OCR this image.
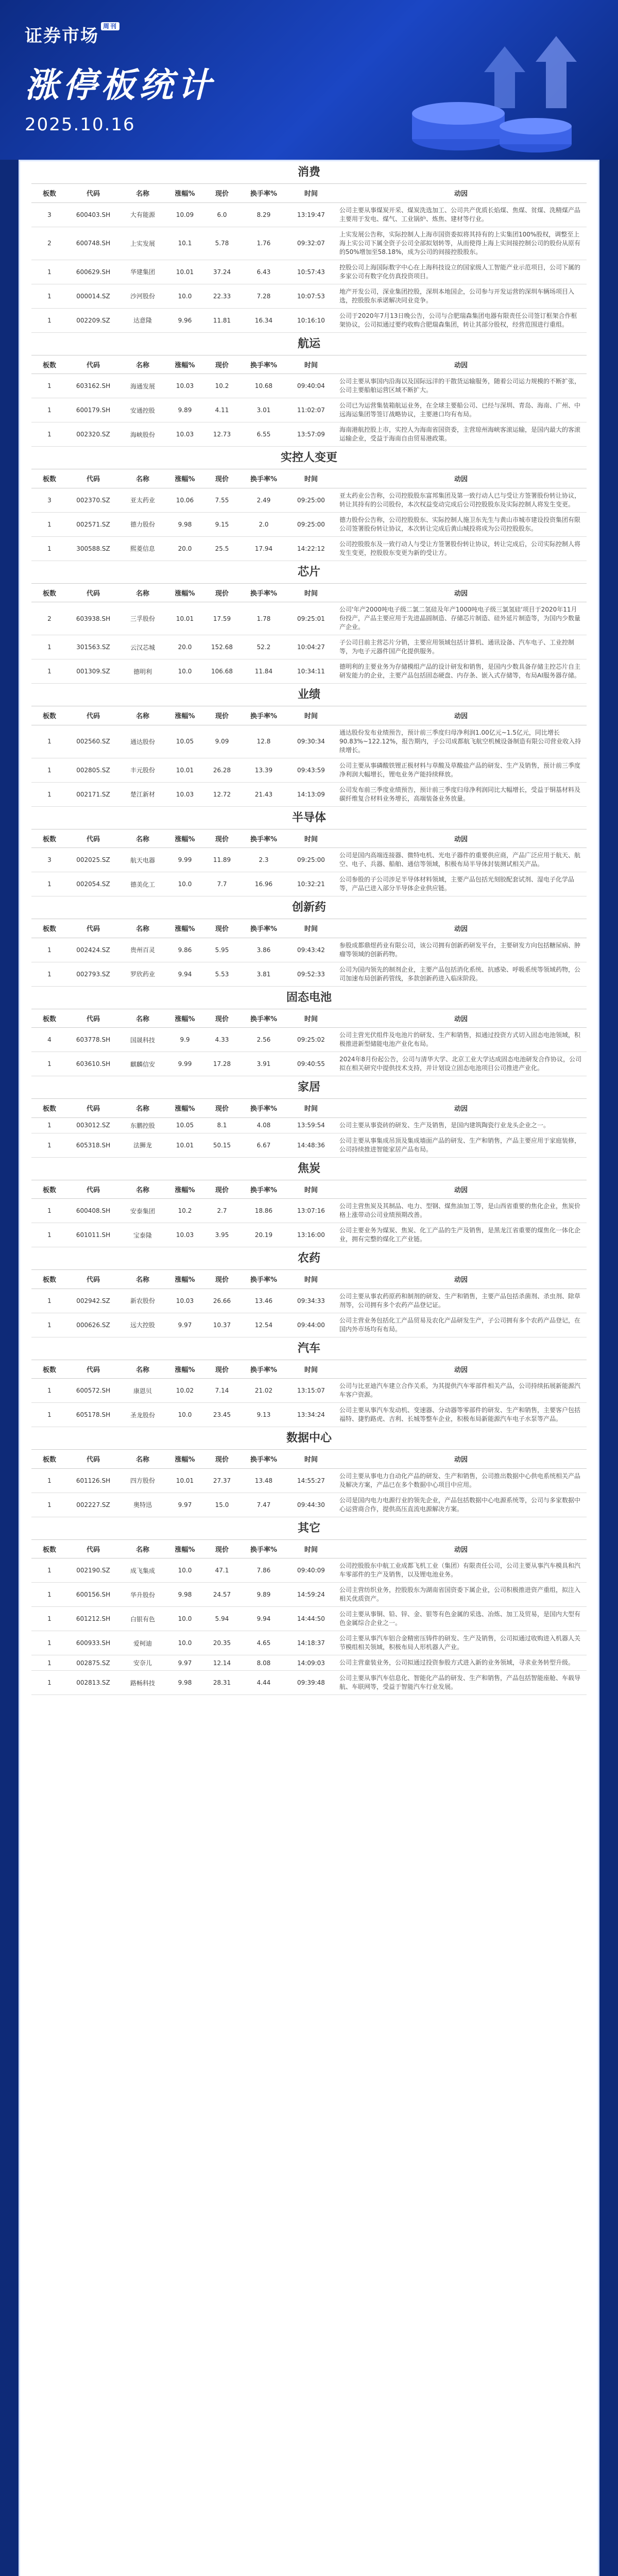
证券市场 $^{周刊}$
涨停板统计
2025.10.16
消费
板数	代码	名称	涨幅%	现价	换手率%	时间	动因
3	600403.SH	大有能源	10.09	6.0	8.29	13:19:47	公司主要从事煤炭开采、煤炭洗选加工、公司共产优质长焰煤、焦煤、贫煤、洗精煤产品主要用于发电、煤气、工业锅炉、炼焦、建材等行业。
2	600748.SH	上实发展	10.1	5.78	1.76	09:32:07	上实发展公告称，实际控制人上海市国资委拟将其持有的上实集团100%股权，调整至上海上实公司下属全资子公司全部拟划转等，从而使得上海上实间接控制公司的股份从原有的50%增加至58.18%，成为公司的间接控股股东。
1	600629.SH	华建集团	10.01	37.24	6.43	10:57:43	控股公司上海国际数字中心在上海科技设立的国家级人工智能产业示范项目，公司下属的多家公司有数字化仿真投资项目。
1	000014.SZ	沙河股份	10.0	22.33	7.28	10:07:53	地产开发公司，深业集团控股，深圳本地国企，公司参与开发运营的深圳车辆场项目入选，控股股东承诺解决同业竞争。
1	002209.SZ	达意隆	9.96	11.81	16.34	10:16:10	公司于2020年7月13日晚公告，公司与合肥瑞森集团电器有限责任公司签订框架合作框架协议，公司拟通过要约收购合肥瑞森集团，转让其部分股权，经营范围进行重组。
航运
板数	代码	名称	涨幅%	现价	换手率%	时间	动因
1	603162.SH	海通发展	10.03	10.2	10.68	09:40:04	公司主要从事国内沿海以及国际远洋的干散货运输服务，随着公司运力规模的不断扩张，公司主要船舶运营区域不断扩大。
1	600179.SH	安通控股	9.89	4.11	3.01	11:02:07	公司已为运营集装箱航运业务，在全球主要船公司、已经与深圳、青岛、海南、广州、中远海运集团等签订战略协议，主要港口均有布局。
1	002320.SZ	海峡股份	10.03	12.73	6.55	13:57:09	海南港航控股上市，实控人为海南省国资委，主营琼州海峡客滚运输，是国内最大的客滚运输企业，受益于海南自由贸易港政策。
实控人变更
板数	代码	名称	涨幅%	现价	换手率%	时间	动因
3	002370.SZ	亚太药业	10.06	7.55	2.49	09:25:00	亚太药业公告称，公司控股股东富邦集团及第一致行动人已与受让方签署股份转让协议，转让其持有的公司股份，本次权益变动完成后公司控股股东及实际控制人将发生变更。
1	002571.SZ	德力股份	9.98	9.15	2.0	09:25:00	德力股份公告称，公司控股股东、实际控制人施卫东先生与黄山市城市建设投资集团有限公司签署股份转让协议，本次转让完成后黄山城投将成为公司控股股东。
1	300588.SZ	熙菱信息	20.0	25.5	17.94	14:22:12	公司控股股东及一致行动人与受让方签署股份转让协议，转让完成后，公司实际控制人将发生变更，控股股东变更为新的受让方。
芯片
板数	代码	名称	涨幅%	现价	换手率%	时间	动因
2	603938.SH	三孚股份	10.01	17.59	1.78	09:25:01	公司'年产2000吨电子级二氯二氢硅及年产1000吨电子级三氯氢硅'项目于2020年11月份投产，产品主要应用于先进晶圆制造、存储芯片制造、硅外延片制造等，为国内少数量产企业。
1	301563.SZ	云汉芯城	20.0	152.68	52.2	10:04:27	子公司目前主营芯片分销，主要应用领域包括计算机、通讯设备、汽车电子、工业控制等，为电子元器件国产化提供服务。
1	001309.SZ	德明利	10.0	106.68	11.84	10:34:11	德明利的主要业务为存储模组产品的设计研发和销售，是国内少数具备存储主控芯片自主研发能力的企业，主要产品包括固态硬盘、内存条、嵌入式存储等，布局AI服务器存储。
业绩
板数	代码	名称	涨幅%	现价	换手率%	时间	动因
1	002560.SZ	通达股份	10.05	9.09	12.8	09:30:34	通达股份发布业绩预告，预计前三季度归母净利润1.00亿元~1.5亿元，同比增长90.83%~122.12%，报告期内，子公司成都航飞航空机械设备制造有限公司营业收入持续增长。
1	002805.SZ	丰元股份	10.01	26.28	13.39	09:43:59	公司主要从事磷酸铁锂正极材料与草酸及草酸盐产品的研发、生产及销售，预计前三季度净利润大幅增长，锂电业务产能持续释放。
1	002171.SZ	楚江新材	10.03	12.72	21.43	14:13:09	公司发布前三季度业绩预告，预计前三季度归母净利润同比大幅增长，受益于铜基材料及碳纤维复合材料业务增长，高端装备业务放量。
半导体
板数	代码	名称	涨幅%	现价	换手率%	时间	动因
3	002025.SZ	航天电器	9.99	11.89	2.3	09:25:00	公司是国内高端连接器、微特电机、光电子器件的重要供应商，产品广泛应用于航天、航空、电子、兵器、船舶、通信等领域，积极布局半导体封装测试相关产品。
1	002054.SZ	德美化工	10.0	7.7	16.96	10:32:21	公司参股的子公司涉足半导体材料领域，主要产品包括光刻胶配套试剂、湿电子化学品等，产品已进入部分半导体企业供应链。
创新药
板数	代码	名称	涨幅%	现价	换手率%	时间	动因
1	002424.SZ	贵州百灵	9.86	5.95	3.86	09:43:42	参股成都鼎煜药业有限公司，该公司拥有创新药研发平台，主要研发方向包括糖尿病、肿瘤等领域的创新药物。
1	002793.SZ	罗欣药业	9.94	5.53	3.81	09:52:33	公司为国内领先的制剂企业，主要产品包括消化系统、抗感染、呼吸系统等领域药物，公司加速布局创新药管线，多款创新药进入临床阶段。
固态电池
板数	代码	名称	涨幅%	现价	换手率%	时间	动因
4	603778.SH	国晟科技	9.9	4.33	2.56	09:25:02	公司主营光伏组件及电池片的研发、生产和销售，拟通过投资方式切入固态电池领域，积极推进新型储能电池产业化布局。
1	603610.SH	麒麟信安	9.99	17.28	3.91	09:40:55	2024年8月份起公告，公司与清华大学、北京工业大学达成固态电池研发合作协议，公司拟在相关研究中提供技术支持，并计划设立固态电池项目公司推进产业化。
家居
板数	代码	名称	涨幅%	现价	换手率%	时间	动因
1	003012.SZ	东鹏控股	10.05	8.1	4.08	13:59:54	公司主要从事瓷砖的研发、生产及销售，是国内建筑陶瓷行业龙头企业之一。
1	605318.SH	法狮龙	10.01	50.15	6.67	14:48:36	公司主要从事集成吊顶及集成墙面产品的研发、生产和销售，产品主要应用于家庭装修，公司持续推进智能家居产品布局。
焦炭
板数	代码	名称	涨幅%	现价	换手率%	时间	动因
1	600408.SH	安泰集团	10.2	2.7	18.86	13:07:16	公司主营焦炭及其制品、电力、型钢、煤焦油加工等，是山西省重要的焦化企业，焦炭价格上涨带动公司业绩预期改善。
1	601011.SH	宝泰隆	10.03	3.95	20.19	13:16:00	公司主要业务为煤炭、焦炭、化工产品的生产及销售，是黑龙江省重要的煤焦化一体化企业，拥有完整的煤化工产业链。
农药
板数	代码	名称	涨幅%	现价	换手率%	时间	动因
1	002942.SZ	新农股份	10.03	26.66	13.46	09:34:33	公司主要从事农药原药和制剂的研发、生产和销售，主要产品包括杀菌剂、杀虫剂、除草剂等，公司拥有多个农药产品登记证。
1	000626.SZ	远大控股	9.97	10.37	12.54	09:44:00	公司主营业务包括化工产品贸易及农化产品研发生产，子公司拥有多个农药产品登记，在国内外市场均有布局。
汽车
板数	代码	名称	涨幅%	现价	换手率%	时间	动因
1	600572.SH	康恩贝	10.02	7.14	21.02	13:15:07	公司与比亚迪汽车建立合作关系，为其提供汽车零部件相关产品，公司持续拓展新能源汽车客户资源。
1	605178.SH	圣龙股份	10.0	23.45	9.13	13:34:24	公司主要从事汽车发动机、变速器、分动器等零部件的研发、生产和销售，主要客户包括福特、捷豹路虎、吉利、长城等整车企业，积极布局新能源汽车电子水泵等产品。
数据中心
板数	代码	名称	涨幅%	现价	换手率%	时间	动因
1	601126.SH	四方股份	10.01	27.37	13.48	14:55:27	公司主要从事电力自动化产品的研发、生产和销售，公司推出数据中心供电系统相关产品及解决方案，产品已在多个数据中心项目中应用。
1	002227.SZ	奥特迅	9.97	15.0	7.47	09:44:30	公司是国内电力电源行业的领先企业，产品包括数据中心电源系统等，公司与多家数据中心运营商合作，提供高压直流电源解决方案。
其它
板数	代码	名称	涨幅%	现价	换手率%	时间	动因
1	002190.SZ	成飞集成	10.0	47.1	7.86	09:40:09	公司控股股东中航工业成都飞机工业（集团）有限责任公司，公司主要从事汽车模具和汽车零部件的生产及销售，以及锂电池业务。
1	600156.SH	华升股份	9.98	24.57	9.89	14:59:24	公司主营纺织业务，控股股东为湖南省国资委下属企业，公司积极推进资产重组，拟注入相关优质资产。
1	601212.SH	白银有色	10.0	5.94	9.94	14:44:50	公司主要从事铜、铅、锌、金、银等有色金属的采选、冶炼、加工及贸易，是国内大型有色金属综合企业之一。
1	600933.SH	爱柯迪	10.0	20.35	4.65	14:18:37	公司主要从事汽车铝合金精密压铸件的研发、生产及销售，公司拟通过收购进入机器人关节模组相关领域，积极布局人形机器人产业。
1	002875.SZ	安奈儿	9.97	12.14	8.08	14:09:03	公司主营童装业务，公司拟通过投资参股方式进入新的业务领域，寻求业务转型升级。
1	002813.SZ	路畅科技	9.98	28.31	4.44	09:39:48	公司主要从事汽车信息化、智能化产品的研发、生产和销售，产品包括智能座舱、车载导航、车联网等，受益于智能汽车行业发展。
